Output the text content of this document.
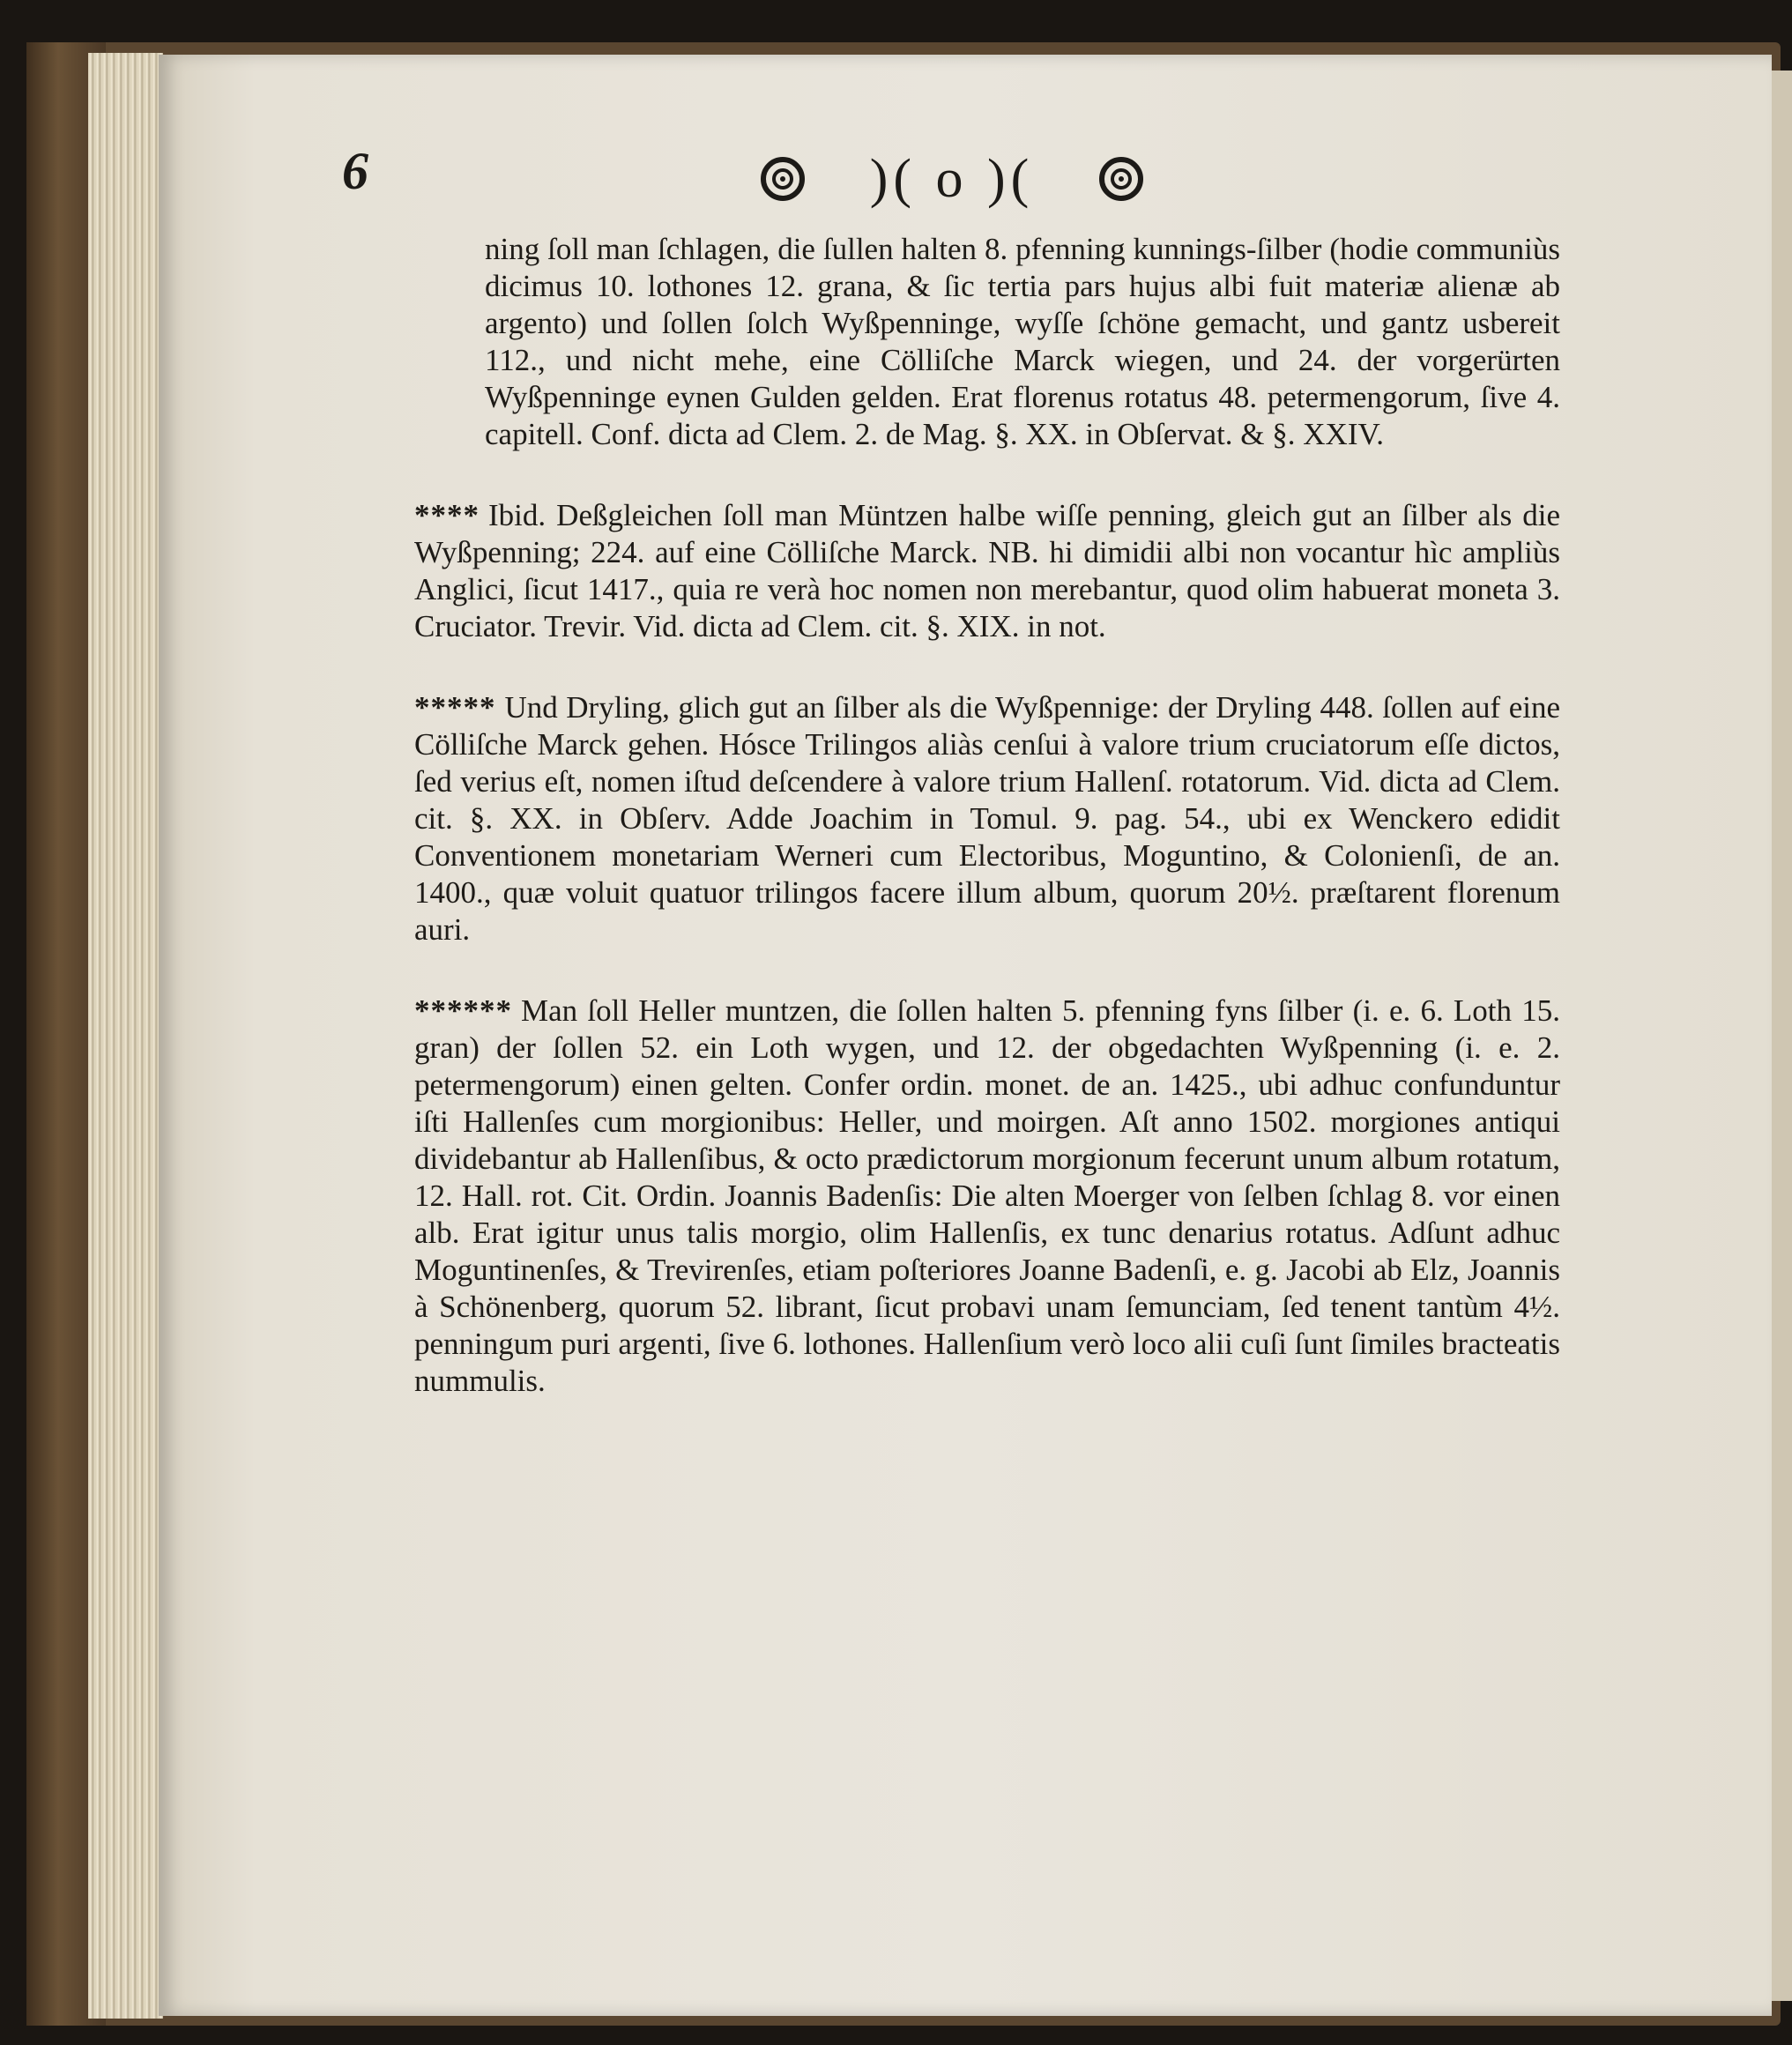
6	)( o )(

ning ſoll man ſchlagen, die ſullen halten 8. pfenning kunnings-ſilber (hodie communiùs dicimus 10. lothones 12. grana, & ſic tertia pars hujus albi fuit materiæ alienæ ab argento) und ſollen ſolch Wyßpenninge, wyſſe ſchöne gemacht, und gantz usbereit 112., und nicht mehe, eine Cölliſche Marck wiegen, und 24. der vorgerürten Wyßpenninge eynen Gulden gelden. Erat florenus rotatus 48. petermengorum, ſive 4. capitell. Conf. dicta ad Clem. 2. de Mag. §. XX. in Obſervat. & §. XXIV.

**** Ibid. Deßgleichen ſoll man Müntzen halbe wiſſe penning, gleich gut an ſilber als die Wyßpenning; 224. auf eine Cölliſche Marck. NB. hi dimidii albi non vocantur hìc ampliùs Anglici, ſicut 1417., quia re verà hoc nomen non merebantur, quod olim habuerat moneta 3. Cruciator. Trevir. Vid. dicta ad Clem. cit. §. XIX. in not.

***** Und Dryling, glich gut an ſilber als die Wyßpennige: der Dryling 448. ſollen auf eine Cölliſche Marck gehen. Hósce Trilingos aliàs cenſui à valore trium cruciatorum eſſe dictos, ſed verius eſt, nomen iſtud deſcendere à valore trium Hallenſ. rotatorum. Vid. dicta ad Clem. cit. §. XX. in Obſerv. Adde Joachim in Tomul. 9. pag. 54., ubi ex Wenckero edidit Conventionem monetariam Werneri cum Electoribus, Moguntino, & Colonienſi, de an. 1400., quæ voluit quatuor trilingos facere illum album, quorum 20½. præſtarent florenum auri.

****** Man ſoll Heller muntzen, die ſollen halten 5. pfenning fyns ſilber (i. e. 6. Loth 15. gran) der ſollen 52. ein Loth wygen, und 12. der obgedachten Wyßpenning (i. e. 2. petermengorum) einen gelten. Confer ordin. monet. de an. 1425., ubi adhuc confunduntur iſti Hallenſes cum morgionibus: Heller, und moirgen. Aſt anno 1502. morgiones antiqui dividebantur ab Hallenſibus, & octo prædictorum morgionum fecerunt unum album rotatum, 12. Hall. rot. Cit. Ordin. Joannis Badenſis: Die alten Moerger von ſelben ſchlag 8. vor einen alb. Erat igitur unus talis morgio, olim Hallenſis, ex tunc denarius rotatus. Adſunt adhuc Moguntinenſes, & Trevirenſes, etiam poſteriores Joanne Badenſi, e. g. Jacobi ab Elz, Joannis à Schönenberg, quorum 52. librant, ſicut probavi unam ſemunciam, ſed tenent tantùm 4½. penningum puri argenti, ſive 6. lothones. Hallenſium verò loco alii cuſi ſunt ſimiles bracteatis nummulis.
